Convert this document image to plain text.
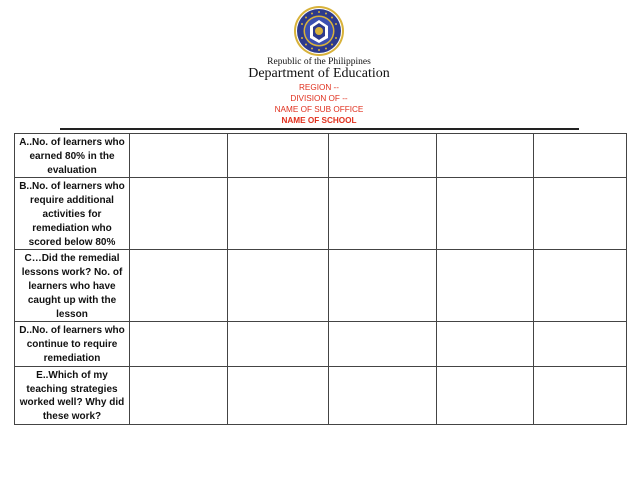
Republic of the Philippines
Department of Education
REGION --
DIVISION OF --
NAME OF SUB OFFICE
NAME OF SCHOOL
A..No. of learners who earned 80% in the evaluation					
B..No. of learners who require additional activities for remediation who scored below 80%					
C…Did the remedial lessons work? No. of learners who have caught up with the lesson					
D..No. of learners who continue to require remediation					
E..Which of my teaching strategies worked well? Why did these work?					
